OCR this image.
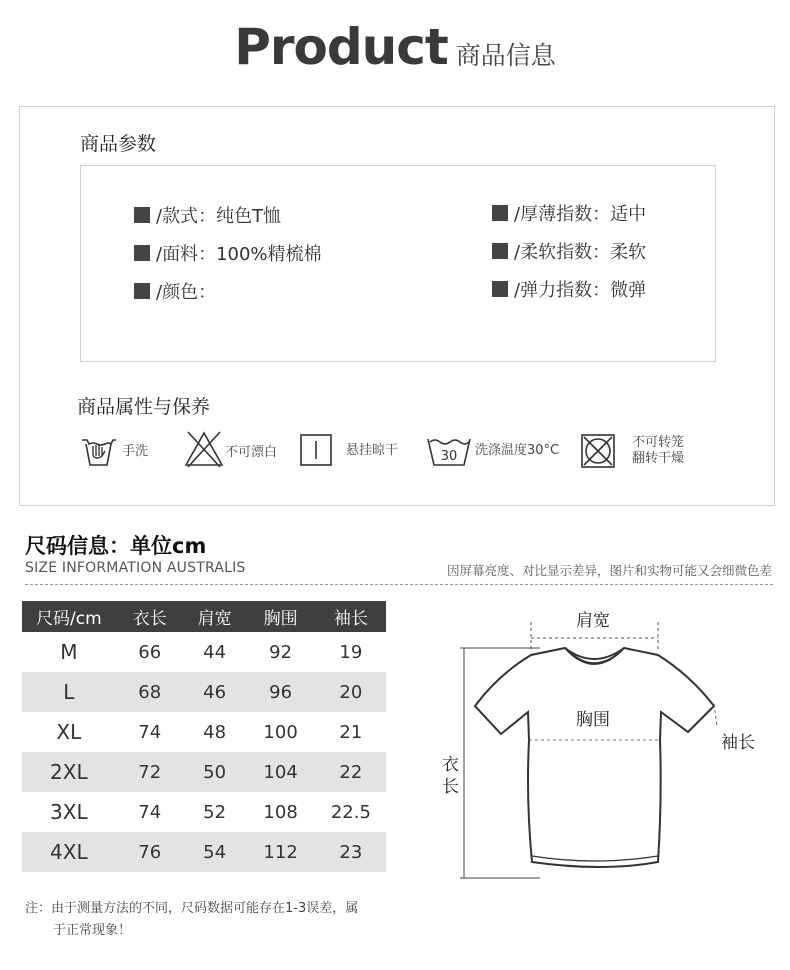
Product 商品信息
商品参数
/款式：纯色T恤
/面料：100%精梳棉
/颜色：
/厚薄指数：适中
/柔软指数：柔软
/弹力指数：微弹
商品属性与保养
手洗	不可漂白	悬挂晾干	30 洗涤温度30°C
不可转笼
翻转干燥
尺码信息：单位cm
SIZE INFORMATION AUSTRALIS	因屏幕亮度、对比显示差异，图片和实物可能又会细微色差
尺码/cm	衣长	肩宽	胸围	袖长
M	66	44	92	19
L	68	46	96	20
XL	74	48	100	21
2XL	72	50	104	22
3XL	74	52	108	22.5
4XL	76	54	112	23
注：由于测量方法的不同，尺码数据可能存在1-3误差，属
于正常现象！
肩宽
胸围
袖长
衣
长
